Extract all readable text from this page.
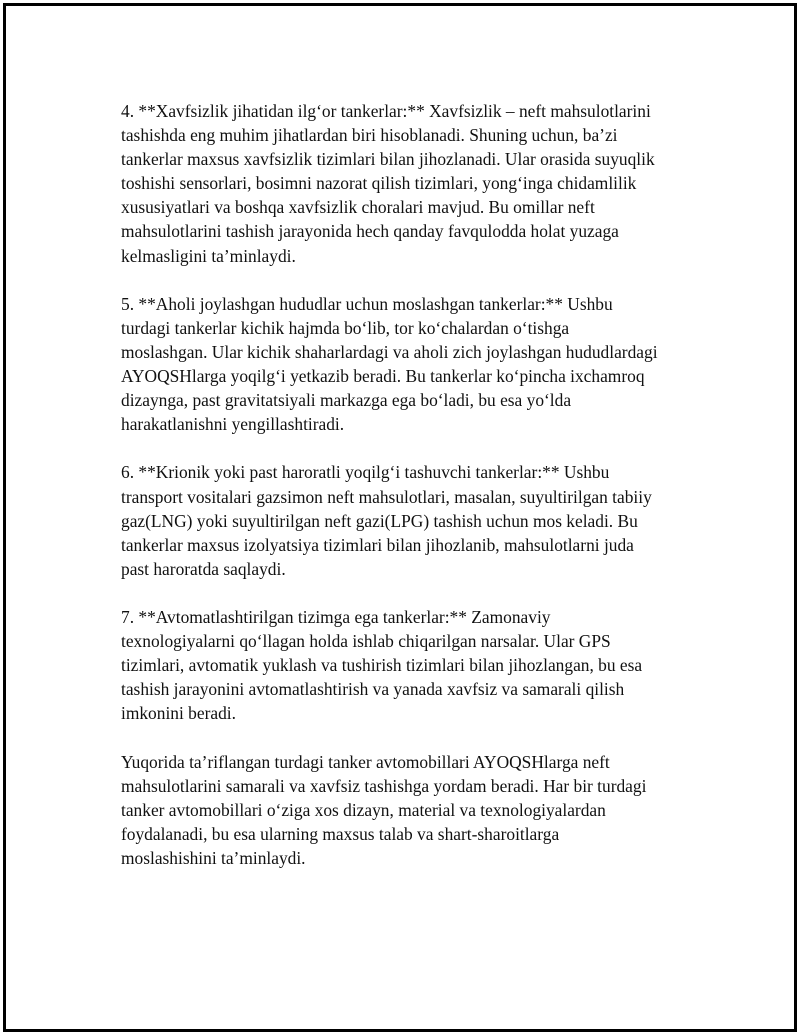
4. **Xavfsizlik jihatidan ilg‘or tankerlar:** Xavfsizlik – neft mahsulotlarini
tashishda eng muhim jihatlardan biri hisoblanadi. Shuning uchun, ba’zi
tankerlar maxsus xavfsizlik tizimlari bilan jihozlanadi. Ular orasida suyuqlik
toshishi sensorlari, bosimni nazorat qilish tizimlari, yong‘inga chidamlilik
xususiyatlari va boshqa xavfsizlik choralari mavjud. Bu omillar neft
mahsulotlarini tashish jarayonida hech qanday favqulodda holat yuzaga
kelmasligini ta’minlaydi.

5. **Aholi joylashgan hududlar uchun moslashgan tankerlar:** Ushbu
turdagi tankerlar kichik hajmda bo‘lib, tor ko‘chalardan o‘tishga
moslashgan. Ular kichik shaharlardagi va aholi zich joylashgan hududlardagi
AYOQSHlarga yoqilg‘i yetkazib beradi. Bu tankerlar ko‘pincha ixchamroq
dizaynga, past gravitatsiyali markazga ega bo‘ladi, bu esa yo‘lda
harakatlanishni yengillashtiradi.

6. **Krionik yoki past haroratli yoqilg‘i tashuvchi tankerlar:** Ushbu
transport vositalari gazsimon neft mahsulotlari, masalan, suyultirilgan tabiiy
gaz(LNG) yoki suyultirilgan neft gazi(LPG) tashish uchun mos keladi. Bu
tankerlar maxsus izolyatsiya tizimlari bilan jihozlanib, mahsulotlarni juda
past haroratda saqlaydi.

7. **Avtomatlashtirilgan tizimga ega tankerlar:** Zamonaviy
texnologiyalarni qo‘llagan holda ishlab chiqarilgan narsalar. Ular GPS
tizimlari, avtomatik yuklash va tushirish tizimlari bilan jihozlangan, bu esa
tashish jarayonini avtomatlashtirish va yanada xavfsiz va samarali qilish
imkonini beradi.

Yuqorida ta’riflangan turdagi tanker avtomobillari AYOQSHlarga neft
mahsulotlarini samarali va xavfsiz tashishga yordam beradi. Har bir turdagi
tanker avtomobillari o‘ziga xos dizayn, material va texnologiyalardan
foydalanadi, bu esa ularning maxsus talab va shart-sharoitlarga
moslashishini ta’minlaydi.
